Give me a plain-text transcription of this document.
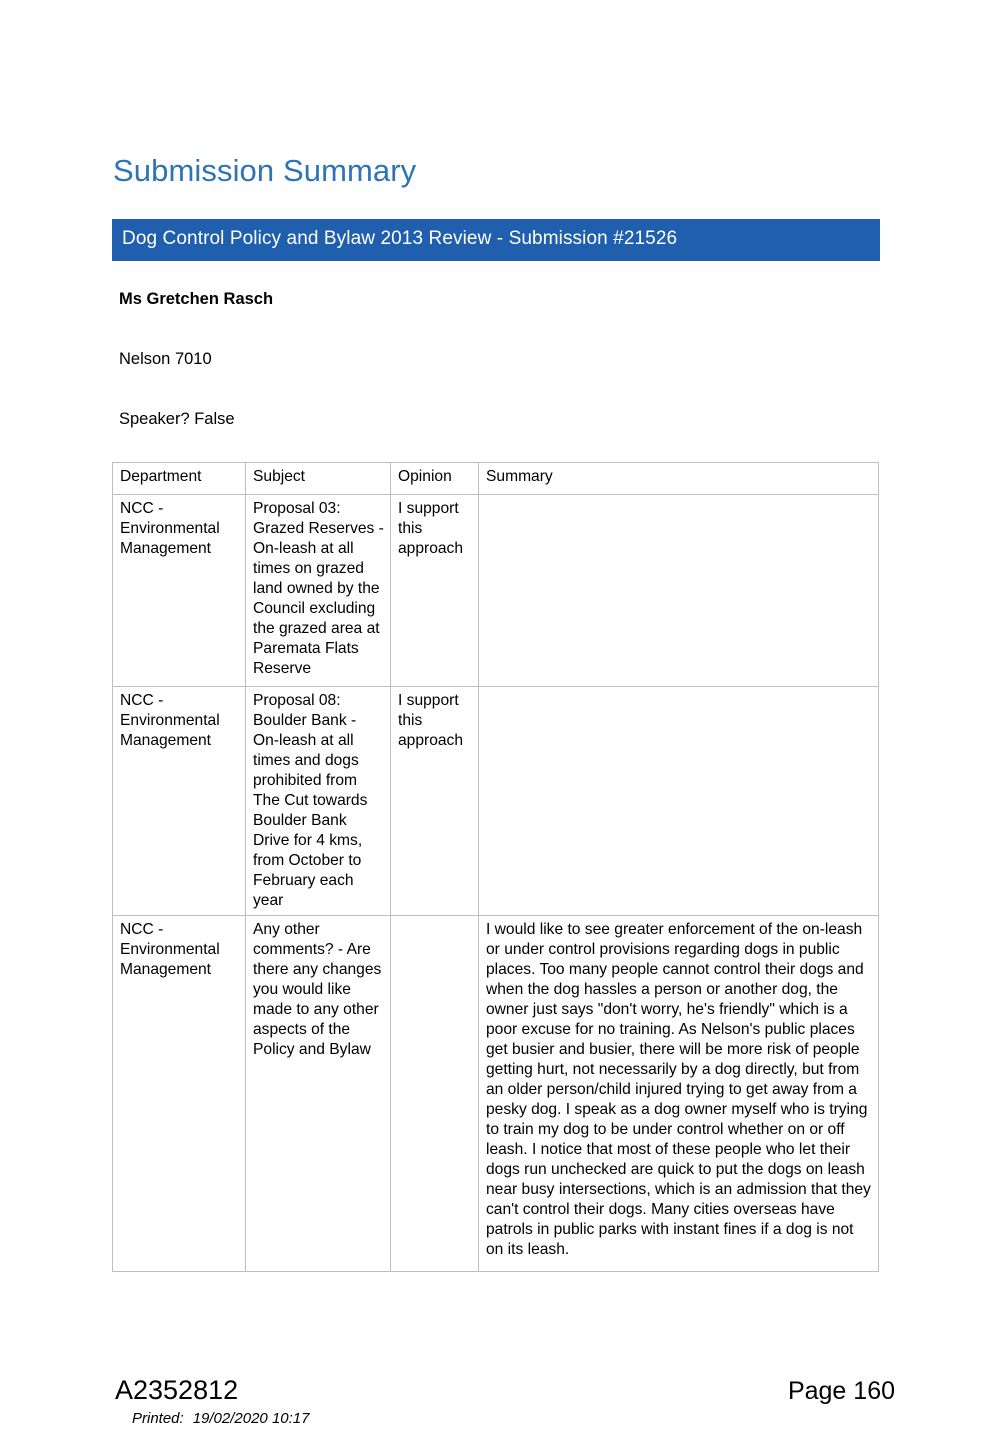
Submission Summary
Dog Control Policy and Bylaw 2013 Review - Submission #21526
Ms Gretchen Rasch
Nelson 7010
Speaker? False
Department	Subject	Opinion	Summary
NCC - Environmental Management	Proposal 03: Grazed Reserves - On-leash at all times on grazed land owned by the Council excluding the grazed area at Paremata Flats Reserve	I support this approach	
NCC - Environmental Management	Proposal 08: Boulder Bank - On-leash at all times and dogs prohibited from The Cut towards Boulder Bank Drive for 4 kms, from October to February each year	I support this approach	
NCC - Environmental Management	Any other comments? - Are there any changes you would like made to any other aspects of the Policy and Bylaw		I would like to see greater enforcement of the on-leash or under control provisions regarding dogs in public places. Too many people cannot control their dogs and when the dog hassles a person or another dog, the owner just says "don't worry, he's friendly" which is a poor excuse for no training. As Nelson's public places get busier and busier, there will be more risk of people getting hurt, not necessarily by a dog directly, but from an older person/child injured trying to get away from a pesky dog. I speak as a dog owner myself who is trying to train my dog to be under control whether on or off leash. I notice that most of these people who let their dogs run unchecked are quick to put the dogs on leash near busy intersections, which is an admission that they can't control their dogs. Many cities overseas have patrols in public parks with instant fines if a dog is not on its leash.
A2352812	Page 160
Printed: 19/02/2020 10:17
